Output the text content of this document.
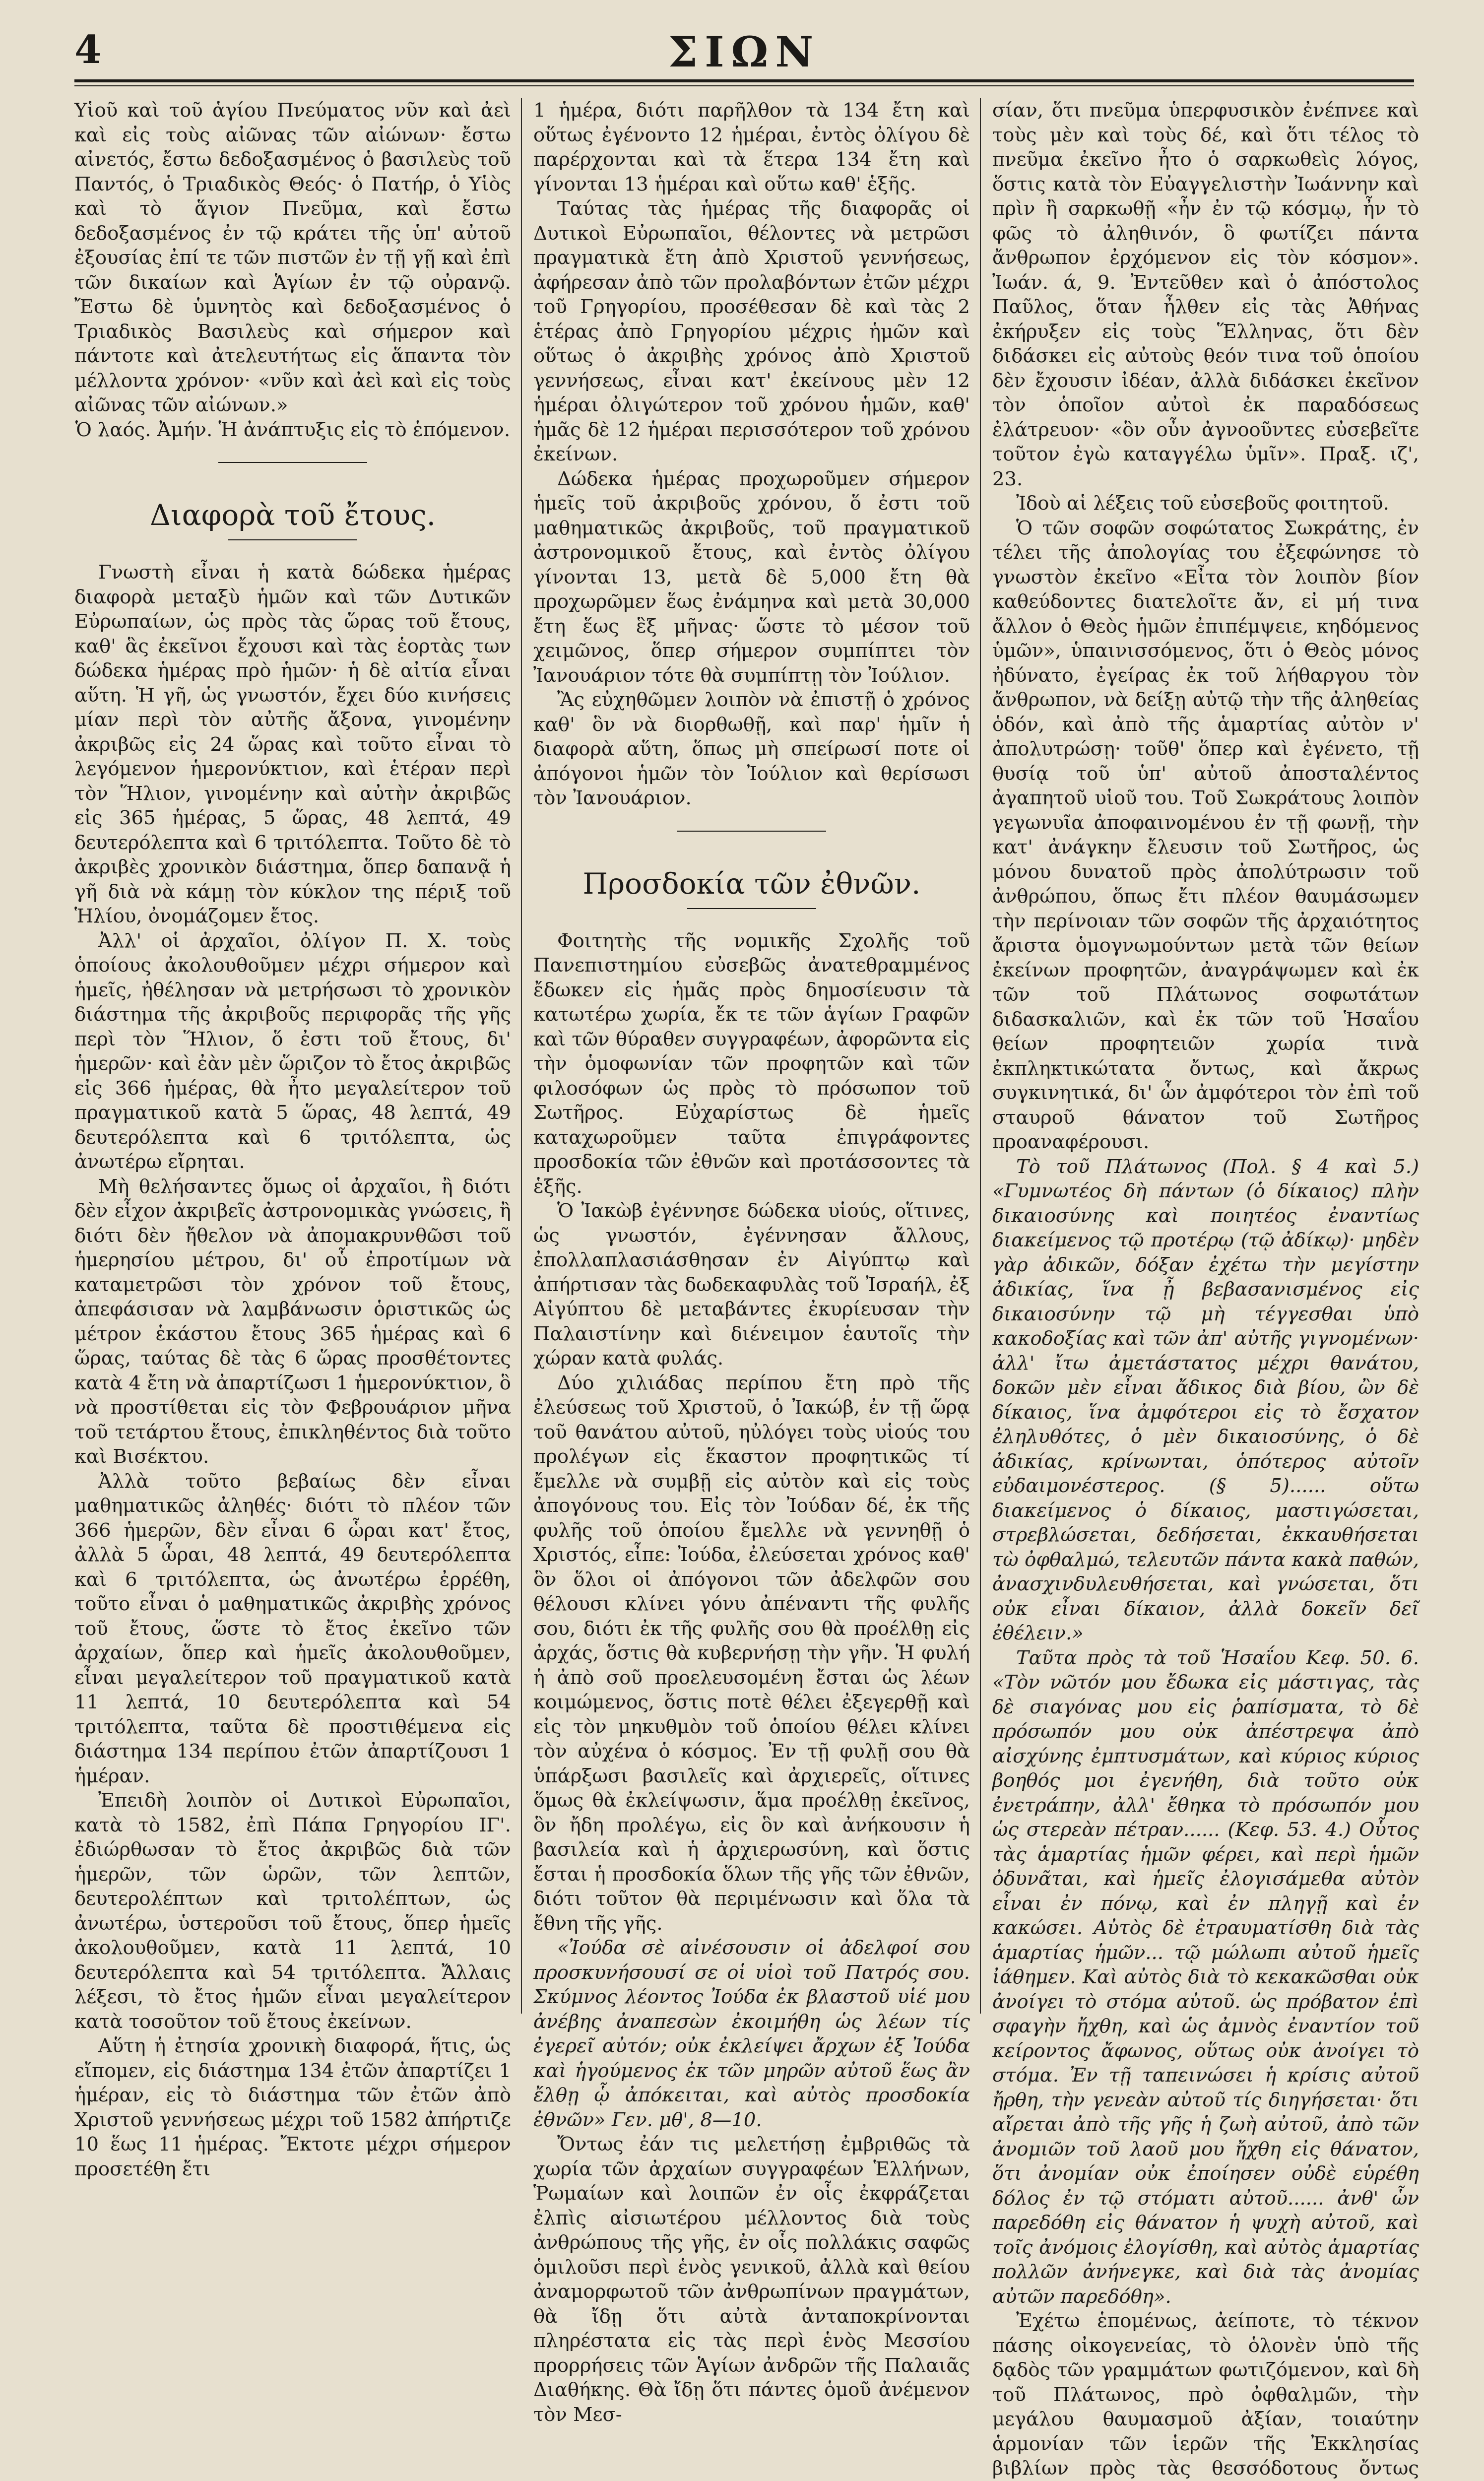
4	ΣΙΩΝ

Υἱοῦ καὶ τοῦ ἁγίου Πνεύματος νῦν καὶ ἀεὶ καὶ εἰς τοὺς αἰῶνας τῶν αἰώνων· ἔστω αἰνετός, ἔστω δεδοξασμένος ὁ βασιλεὺς τοῦ Παντός, ὁ Τριαδικὸς Θεός· ὁ Πατήρ, ὁ Υἱὸς καὶ τὸ ἅγιον Πνεῦμα, καὶ ἔστω δεδοξασμένος ἐν τῷ κράτει τῆς ὑπ' αὐτοῦ ἐξουσίας ἐπί τε τῶν πιστῶν ἐν τῇ γῇ καὶ ἐπὶ τῶν δικαίων καὶ Ἁγίων ἐν τῷ οὐρανῷ. Ἔστω δὲ ὑμνητὸς καὶ δεδοξασμένος ὁ Τριαδικὸς Βασιλεὺς καὶ σήμερον καὶ πάντοτε καὶ ἀτελευτήτως εἰς ἅπαντα τὸν μέλλοντα χρόνον· «νῦν καὶ ἀεὶ καὶ εἰς τοὺς αἰῶνας τῶν αἰώνων.»

Ὁ λαός. Ἀμήν. Ἡ ἀνάπτυξις εἰς τὸ ἑπόμενον.

Διαφορὰ τοῦ ἔτους.

Γνωστὴ εἶναι ἡ κατὰ δώδεκα ἡμέρας διαφορὰ μεταξὺ ἡμῶν καὶ τῶν Δυτικῶν Εὐρωπαίων, ὡς πρὸς τὰς ὥρας τοῦ ἔτους, καθ' ἃς ἐκεῖνοι ἔχουσι καὶ τὰς ἑορτὰς των δώδεκα ἡμέρας πρὸ ἡμῶν· ἡ δὲ αἰτία εἶναι αὕτη. Ἡ γῆ, ὡς γνωστόν, ἔχει δύο κινήσεις μίαν περὶ τὸν αὐτῆς ἄξονα, γινομένην ἀκριβῶς εἰς 24 ὥρας καὶ τοῦτο εἶναι τὸ λεγόμενον ἡμερονύκτιον, καὶ ἑτέραν περὶ τὸν Ἥλιον, γινομένην καὶ αὐτὴν ἀκριβῶς εἰς 365 ἡμέρας, 5 ὥρας, 48 λεπτά, 49 δευτερόλεπτα καὶ 6 τριτόλεπτα. Τοῦτο δὲ τὸ ἀκριβὲς χρονικὸν διάστημα, ὅπερ δαπανᾷ ἡ γῆ διὰ νὰ κάμῃ τὸν κύκλον της πέριξ τοῦ Ἡλίου, ὀνομάζομεν ἔτος.

Ἀλλ' οἱ ἀρχαῖοι, ὀλίγον Π. Χ. τοὺς ὁποίους ἀκολουθοῦμεν μέχρι σήμερον καὶ ἡμεῖς, ἠθέλησαν νὰ μετρήσωσι τὸ χρονικὸν διάστημα τῆς ἀκριβοῦς περιφορᾶς τῆς γῆς περὶ τὸν Ἥλιον, ὅ ἐστι τοῦ ἔτους, δι' ἡμερῶν· καὶ ἐὰν μὲν ὥριζον τὸ ἔτος ἀκριβῶς εἰς 366 ἡμέρας, θὰ ἦτο μεγαλείτερον τοῦ πραγματικοῦ κατὰ 5 ὥρας, 48 λεπτά, 49 δευτερόλεπτα καὶ 6 τριτόλεπτα, ὡς ἀνωτέρω εἴρηται.

Μὴ θελήσαντες ὅμως οἱ ἀρχαῖοι, ἢ διότι δὲν εἶχον ἀκριβεῖς ἀστρονομικὰς γνώσεις, ἢ διότι δὲν ἤθελον νὰ ἀπομακρυνθῶσι τοῦ ἡμερησίου μέτρου, δι' οὗ ἐπροτίμων νὰ καταμετρῶσι τὸν χρόνον τοῦ ἔτους, ἀπεφάσισαν νὰ λαμβάνωσιν ὁριστικῶς ὡς μέτρον ἑκάστου ἔτους 365 ἡμέρας καὶ 6 ὥρας, ταύτας δὲ τὰς 6 ὥρας προσθέτοντες κατὰ 4 ἔτη νὰ ἀπαρτίζωσι 1 ἡμερονύκτιον, ὃ νὰ προστίθεται εἰς τὸν Φεβρουάριον μῆνα τοῦ τετάρτου ἔτους, ἐπικληθέντος διὰ τοῦτο καὶ Βισέκτου.

Ἀλλὰ τοῦτο βεβαίως δὲν εἶναι μαθηματικῶς ἀληθές· διότι τὸ πλέον τῶν 366 ἡμερῶν, δὲν εἶναι 6 ὧραι κατ' ἔτος, ἀλλὰ 5 ὧραι, 48 λεπτά, 49 δευτερόλεπτα καὶ 6 τριτόλεπτα, ὡς ἀνωτέρω ἐρρέθη, τοῦτο εἶναι ὁ μαθηματικῶς ἀκριβὴς χρόνος τοῦ ἔτους, ὥστε τὸ ἔτος ἐκεῖνο τῶν ἀρχαίων, ὅπερ καὶ ἡμεῖς ἀκολουθοῦμεν, εἶναι μεγαλείτερον τοῦ πραγματικοῦ κατὰ 11 λεπτά, 10 δευτερόλεπτα καὶ 54 τριτόλεπτα, ταῦτα δὲ προστιθέμενα εἰς διάστημα 134 περίπου ἐτῶν ἀπαρτίζουσι 1 ἡμέραν.

Ἐπειδὴ λοιπὸν οἱ Δυτικοὶ Εὐρωπαῖοι, κατὰ τὸ 1582, ἐπὶ Πάπα Γρηγορίου ΙΓ'. ἐδιώρθωσαν τὸ ἔτος ἀκριβῶς διὰ τῶν ἡμερῶν, τῶν ὡρῶν, τῶν λεπτῶν, δευτερολέπτων καὶ τριτολέπτων, ὡς ἀνωτέρω, ὑστεροῦσι τοῦ ἔτους, ὅπερ ἡμεῖς ἀκολουθοῦμεν, κατὰ 11 λεπτά, 10 δευτερόλεπτα καὶ 54 τριτόλεπτα. Ἄλλαις λέξεσι, τὸ ἔτος ἡμῶν εἶναι μεγαλείτερον κατὰ τοσοῦτον τοῦ ἔτους ἐκείνων.

Αὕτη ἡ ἐτησία χρονικὴ διαφορά, ἥτις, ὡς εἴπομεν, εἰς διάστημα 134 ἐτῶν ἀπαρτίζει 1 ἡμέραν, εἰς τὸ διάστημα τῶν ἐτῶν ἀπὸ Χριστοῦ γεννήσεως μέχρι τοῦ 1582 ἀπήρτιζε 10 ἕως 11 ἡμέρας. Ἔκτοτε μέχρι σήμερον προσετέθη ἔτι

1 ἡμέρα, διότι παρῆλθον τὰ 134 ἔτη καὶ οὕτως ἐγένοντο 12 ἡμέραι, ἐντὸς ὀλίγου δὲ παρέρχονται καὶ τὰ ἕτερα 134 ἔτη καὶ γίνονται 13 ἡμέραι καὶ οὕτω καθ' ἑξῆς.

Ταύτας τὰς ἡμέρας τῆς διαφορᾶς οἱ Δυτικοὶ Εὐρωπαῖοι, θέλοντες νὰ μετρῶσι πραγματικὰ ἔτη ἀπὸ Χριστοῦ γεννήσεως, ἀφήρεσαν ἀπὸ τῶν προλαβόντων ἐτῶν μέχρι τοῦ Γρηγορίου, προσέθεσαν δὲ καὶ τὰς 2 ἑτέρας ἀπὸ Γρηγορίου μέχρις ἡμῶν καὶ οὕτως ὁ ἀκριβὴς χρόνος ἀπὸ Χριστοῦ γεννήσεως, εἶναι κατ' ἐκείνους μὲν 12 ἡμέραι ὀλιγώτερον τοῦ χρόνου ἡμῶν, καθ' ἡμᾶς δὲ 12 ἡμέραι περισσότερον τοῦ χρόνου ἐκείνων.

Δώδεκα ἡμέρας προχωροῦμεν σήμερον ἡμεῖς τοῦ ἀκριβοῦς χρόνου, ὅ ἐστι τοῦ μαθηματικῶς ἀκριβοῦς, τοῦ πραγματικοῦ ἀστρονομικοῦ ἔτους, καὶ ἐντὸς ὀλίγου γίνονται 13, μετὰ δὲ 5,000 ἔτη θὰ προχωρῶμεν ἕως ἐνάμηνα καὶ μετὰ 30,000 ἔτη ἕως ἓξ μῆνας· ὥστε τὸ μέσον τοῦ χειμῶνος, ὅπερ σήμερον συμπίπτει τὸν Ἰανουάριον τότε θὰ συμπίπτῃ τὸν Ἰούλιον.

Ἂς εὐχηθῶμεν λοιπὸν νὰ ἐπιστῇ ὁ χρόνος καθ' ὃν νὰ διορθωθῇ, καὶ παρ' ἡμῖν ἡ διαφορὰ αὕτη, ὅπως μὴ σπείρωσί ποτε οἱ ἀπόγονοι ἡμῶν τὸν Ἰούλιον καὶ θερίσωσι τὸν Ἰανουάριον.

Προσδοκία τῶν ἐθνῶν.

Φοιτητὴς τῆς νομικῆς Σχολῆς τοῦ Πανεπιστημίου εὐσεβῶς ἀνατεθραμμένος ἔδωκεν εἰς ἡμᾶς πρὸς δημοσίευσιν τὰ κατωτέρω χωρία, ἔκ τε τῶν ἁγίων Γραφῶν καὶ τῶν θύραθεν συγγραφέων, ἀφορῶντα εἰς τὴν ὁμοφωνίαν τῶν προφητῶν καὶ τῶν φιλοσόφων ὡς πρὸς τὸ πρόσωπον τοῦ Σωτῆρος. Εὐχαρίστως δὲ ἡμεῖς καταχωροῦμεν ταῦτα ἐπιγράφοντες προσδοκία τῶν ἐθνῶν καὶ προτάσσοντες τὰ ἑξῆς.

Ὁ Ἰακὼβ ἐγέννησε δώδεκα υἱούς, οἵτινες, ὡς γνωστόν, ἐγέννησαν ἄλλους, ἐπολλαπλασιάσθησαν ἐν Αἰγύπτῳ καὶ ἀπήρτισαν τὰς δωδεκαφυλὰς τοῦ Ἰσραήλ, ἐξ Αἰγύπτου δὲ μεταβάντες ἐκυρίευσαν τὴν Παλαιστίνην καὶ διένειμον ἑαυτοῖς τὴν χώραν κατὰ φυλάς.

Δύο χιλιάδας περίπου ἔτη πρὸ τῆς ἐλεύσεως τοῦ Χριστοῦ, ὁ Ἰακώβ, ἐν τῇ ὥρᾳ τοῦ θανάτου αὐτοῦ, ηὐλόγει τοὺς υἱούς του προλέγων εἰς ἕκαστον προφητικῶς τί ἔμελλε νὰ συμβῇ εἰς αὐτὸν καὶ εἰς τοὺς ἀπογόνους του. Εἰς τὸν Ἰούδαν δέ, ἐκ τῆς φυλῆς τοῦ ὁποίου ἔμελλε νὰ γεννηθῇ ὁ Χριστός, εἶπε: Ἰούδα, ἐλεύσεται χρόνος καθ' ὃν ὅλοι οἱ ἀπόγονοι τῶν ἀδελφῶν σου θέλουσι κλίνει γόνυ ἀπέναντι τῆς φυλῆς σου, διότι ἐκ τῆς φυλῆς σου θὰ προέλθῃ εἰς ἀρχάς, ὅστις θὰ κυβερνήσῃ τὴν γῆν. Ἡ φυλή ἡ ἀπὸ σοῦ προελευσομένη ἔσται ὡς λέων κοιμώμενος, ὅστις ποτὲ θέλει ἐξεγερθῇ καὶ εἰς τὸν μηκυθμὸν τοῦ ὁποίου θέλει κλίνει τὸν αὐχένα ὁ κόσμος. Ἐν τῇ φυλῇ σου θὰ ὑπάρξωσι βασιλεῖς καὶ ἀρχιερεῖς, οἵτινες ὅμως θὰ ἐκλείψωσιν, ἅμα προέλθῃ ἐκεῖνος, ὃν ἤδη προλέγω, εἰς ὃν καὶ ἀνήκουσιν ἡ βασιλεία καὶ ἡ ἀρχιερωσύνη, καὶ ὅστις ἔσται ἡ προσδοκία ὅλων τῆς γῆς τῶν ἐθνῶν, διότι τοῦτον θὰ περιμένωσιν καὶ ὅλα τὰ ἔθνη τῆς γῆς.

«Ἰούδα σὲ αἰνέσουσιν οἱ ἀδελφοί σου προσκυνήσουσί σε οἱ υἱοὶ τοῦ Πατρός σου. Σκύμνος λέοντος Ἰούδα ἐκ βλαστοῦ υἱέ μου ἀνέβης ἀναπεσὼν ἐκοιμήθη ὡς λέων τίς ἐγερεῖ αὐτόν; οὐκ ἐκλείψει ἄρχων ἐξ Ἰούδα καὶ ἡγούμενος ἐκ τῶν μηρῶν αὐτοῦ ἕως ἂν ἔλθῃ ᾧ ἀπόκειται, καὶ αὐτὸς προσδοκία ἐθνῶν» Γεν. μθ', 8—10.

Ὄντως ἐάν τις μελετήσῃ ἐμβριθῶς τὰ χωρία τῶν ἀρχαίων συγγραφέων Ἑλλήνων, Ῥωμαίων καὶ λοιπῶν ἐν οἷς ἐκφράζεται ἐλπὶς αἰσιωτέρου μέλλοντος διὰ τοὺς ἀνθρώπους τῆς γῆς, ἐν οἷς πολλάκις σαφῶς ὁμιλοῦσι περὶ ἑνὸς γενικοῦ, ἀλλὰ καὶ θείου ἀναμορφωτοῦ τῶν ἀνθρωπίνων πραγμάτων, θὰ ἴδῃ ὅτι αὐτὰ ἀνταποκρίνονται πληρέστατα εἰς τὰς περὶ ἑνὸς Μεσσίου προρρήσεις τῶν Ἁγίων ἀνδρῶν τῆς Παλαιᾶς Διαθήκης. Θὰ ἴδῃ ὅτι πάντες ὁμοῦ ἀνέμενον τὸν Μεσ-

σίαν, ὅτι πνεῦμα ὑπερφυσικὸν ἐνέπνεε καὶ τοὺς μὲν καὶ τοὺς δέ, καὶ ὅτι τέλος τὸ πνεῦμα ἐκεῖνο ἦτο ὁ σαρκωθεὶς λόγος, ὅστις κατὰ τὸν Εὐαγγελιστὴν Ἰωάννην καὶ πρὶν ἢ σαρκωθῇ «ἦν ἐν τῷ κόσμῳ, ἦν τὸ φῶς τὸ ἀληθινόν, ὃ φωτίζει πάντα ἄνθρωπον ἐρχόμενον εἰς τὸν κόσμον». Ἰωάν. ά, 9. Ἐντεῦθεν καὶ ὁ ἀπόστολος Παῦλος, ὅταν ἦλθεν εἰς τὰς Ἀθήνας ἐκήρυξεν εἰς τοὺς Ἕλληνας, ὅτι δὲν διδάσκει εἰς αὐτοὺς θεόν τινα τοῦ ὁποίου δὲν ἔχουσιν ἰδέαν, ἀλλὰ διδάσκει ἐκεῖνον τὸν ὁποῖον αὐτοὶ ἐκ παραδόσεως ἐλάτρευον· «ὃν οὖν ἀγνοοῦντες εὐσεβεῖτε τοῦτον ἐγὼ καταγγέλω ὑμῖν». Πραξ. ιζ', 23.

Ἰδοὺ αἱ λέξεις τοῦ εὐσεβοῦς φοιτητοῦ.

Ὁ τῶν σοφῶν σοφώτατος Σωκράτης, ἐν τέλει τῆς ἀπολογίας του ἐξεφώνησε τὸ γνωστὸν ἐκεῖνο «Εἶτα τὸν λοιπὸν βίον καθεύδοντες διατελοῖτε ἄν, εἰ μή τινα ἄλλον ὁ Θεὸς ἡμῶν ἐπιπέμψειε, κηδόμενος ὑμῶν», ὑπαινισσόμενος, ὅτι ὁ Θεὸς μόνος ἠδύνατο, ἐγείρας ἐκ τοῦ λήθαργου τὸν ἄνθρωπον, νὰ δείξῃ αὐτῷ τὴν τῆς ἀληθείας ὁδόν, καὶ ἀπὸ τῆς ἁμαρτίας αὐτὸν ν' ἀπολυτρώσῃ· τοῦθ' ὅπερ καὶ ἐγένετο, τῇ θυσίᾳ τοῦ ὑπ' αὐτοῦ ἀποσταλέντος ἀγαπητοῦ υἱοῦ του. Τοῦ Σωκράτους λοιπὸν γεγωνυῖα ἀποφαινομένου ἐν τῇ φωνῇ, τὴν κατ' ἀνάγκην ἔλευσιν τοῦ Σωτῆρος, ὡς μόνου δυνατοῦ πρὸς ἀπολύτρωσιν τοῦ ἀνθρώπου, ὅπως ἔτι πλέον θαυμάσωμεν τὴν περίνοιαν τῶν σοφῶν τῆς ἀρχαιότητος ἄριστα ὁμογνωμούντων μετὰ τῶν θείων ἐκείνων προφητῶν, ἀναγράψωμεν καὶ ἐκ τῶν τοῦ Πλάτωνος σοφωτάτων διδασκαλιῶν, καὶ ἐκ τῶν τοῦ Ἡσαΐου θείων προφητειῶν χωρία τινὰ ἐκπληκτικώτατα ὄντως, καὶ ἄκρως συγκινητικά, δι' ὧν ἀμφότεροι τὸν ἐπὶ τοῦ σταυροῦ θάνατον τοῦ Σωτῆρος προαναφέρουσι.

Τὸ τοῦ Πλάτωνος (Πολ. § 4 καὶ 5.) «Γυμνωτέος δὴ πάντων (ὁ δίκαιος) πλὴν δικαιοσύνης καὶ ποιητέος ἐναντίως διακείμενος τῷ προτέρῳ (τῷ ἀδίκῳ)· μηδὲν γὰρ ἀδικῶν, δόξαν ἐχέτω τὴν μεγίστην ἀδικίας, ἵνα ᾖ βεβασανισμένος εἰς δικαιοσύνην τῷ μὴ τέγγεσθαι ὑπὸ κακοδοξίας καὶ τῶν ἀπ' αὐτῆς γιγνομένων· ἀλλ' ἴτω ἀμετάστατος μέχρι θανάτου, δοκῶν μὲν εἶναι ἄδικος διὰ βίου, ὢν δὲ δίκαιος, ἵνα ἀμφότεροι εἰς τὸ ἔσχατον ἐληλυθότες, ὁ μὲν δικαιοσύνης, ὁ δὲ ἀδικίας, κρίνωνται, ὁπότερος αὐτοῖν εὐδαιμονέστερος. (§ 5)...... οὕτω διακείμενος ὁ δίκαιος, μαστιγώσεται, στρεβλώσεται, δεδήσεται, ἐκκαυθήσεται τὼ ὀφθαλμώ, τελευτῶν πάντα κακὰ παθών, ἀνασχινδυλευθήσεται, καὶ γνώσεται, ὅτι οὐκ εἶναι δίκαιον, ἀλλὰ δοκεῖν δεῖ ἐθέλειν.»

Ταῦτα πρὸς τὰ τοῦ Ἡσαΐου Κεφ. 50. 6. «Τὸν νῶτόν μου ἔδωκα εἰς μάστιγας, τὰς δὲ σιαγόνας μου εἰς ῥαπίσματα, τὸ δὲ πρόσωπόν μου οὐκ ἀπέστρεψα ἀπὸ αἰσχύνης ἐμπτυσμάτων, καὶ κύριος κύριος βοηθός μοι ἐγενήθη, διὰ τοῦτο οὐκ ἐνετράπην, ἀλλ' ἔθηκα τὸ πρόσωπόν μου ὡς στερεὰν πέτραν...... (Κεφ. 53. 4.) Οὗτος τὰς ἁμαρτίας ἡμῶν φέρει, καὶ περὶ ἡμῶν ὀδυνᾶται, καὶ ἡμεῖς ἐλογισάμεθα αὐτὸν εἶναι ἐν πόνῳ, καὶ ἐν πληγῇ καὶ ἐν κακώσει. Αὐτὸς δὲ ἐτραυματίσθη διὰ τὰς ἁμαρτίας ἡμῶν... τῷ μώλωπι αὐτοῦ ἡμεῖς ἰάθημεν. Καὶ αὐτὸς διὰ τὸ κεκακῶσθαι οὐκ ἀνοίγει τὸ στόμα αὐτοῦ. ὡς πρόβατον ἐπὶ σφαγὴν ἤχθη, καὶ ὡς ἀμνὸς ἐναντίον τοῦ κείροντος ἄφωνος, οὕτως οὐκ ἀνοίγει τὸ στόμα. Ἐν τῇ ταπεινώσει ἡ κρίσις αὐτοῦ ἤρθη, τὴν γενεὰν αὐτοῦ τίς διηγήσεται· ὅτι αἴρεται ἀπὸ τῆς γῆς ἡ ζωὴ αὐτοῦ, ἀπὸ τῶν ἀνομιῶν τοῦ λαοῦ μου ἤχθη εἰς θάνατον, ὅτι ἀνομίαν οὐκ ἐποίησεν οὐδὲ εὑρέθη δόλος ἐν τῷ στόματι αὐτοῦ...... ἀνθ' ὧν παρεδόθη εἰς θάνατον ἡ ψυχὴ αὐτοῦ, καὶ τοῖς ἀνόμοις ἐλογίσθη, καὶ αὐτὸς ἁμαρτίας πολλῶν ἀνήνεγκε, καὶ διὰ τὰς ἀνομίας αὐτῶν παρεδόθη».

Ἐχέτω ἑπομένως, ἀείποτε, τὸ τέκνον πάσης οἰκογενείας, τὸ ὁλονὲν ὑπὸ τῆς δᾳδὸς τῶν γραμμάτων φωτιζόμενον, καὶ δὴ τοῦ Πλάτωνος, πρὸ ὀφθαλμῶν, τὴν μεγάλου θαυμασμοῦ ἀξίαν, τοιαύτην ἁρμονίαν τῶν ἱερῶν τῆς Ἐκκλησίας βιβλίων πρὸς τὰς θεσσόδοτους ὄντως
